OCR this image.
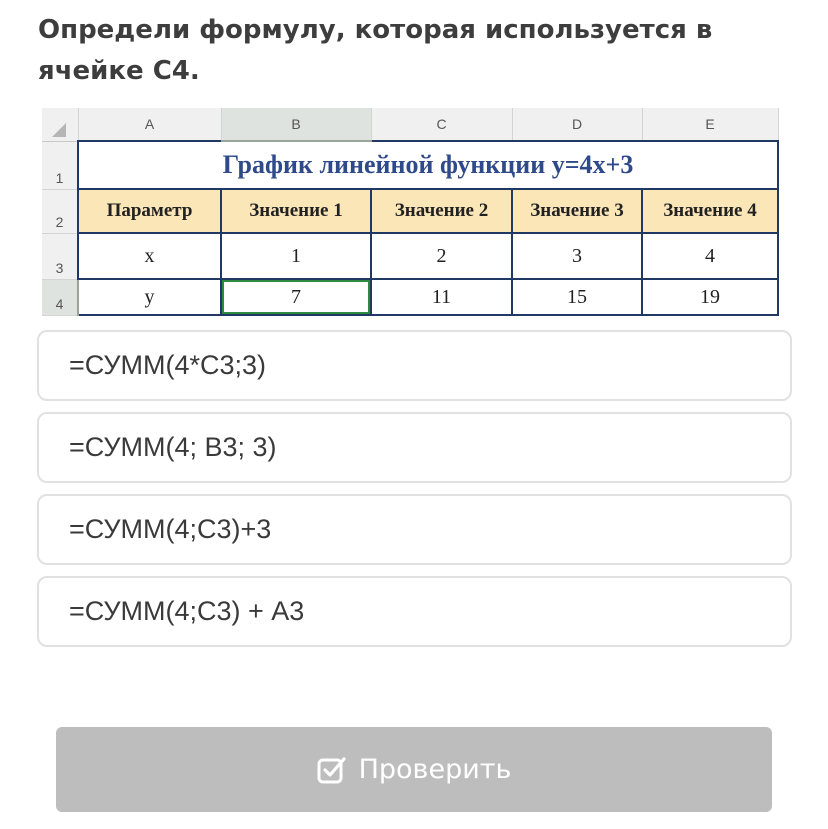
Определи формулу, которая используется в ячейке С4.
	A	B	C	D	E
1	График линейной функции y=4x+3				
2	Параметр	Значение 1	Значение 2	Значение 3	Значение 4
3	x	1	2	3	4
4	y	7	11	15	19
=СУММ(4*С3;3)
=СУММ(4; В3; 3)
=СУММ(4;С3)+3
=СУММ(4;С3) + А3
Проверить
